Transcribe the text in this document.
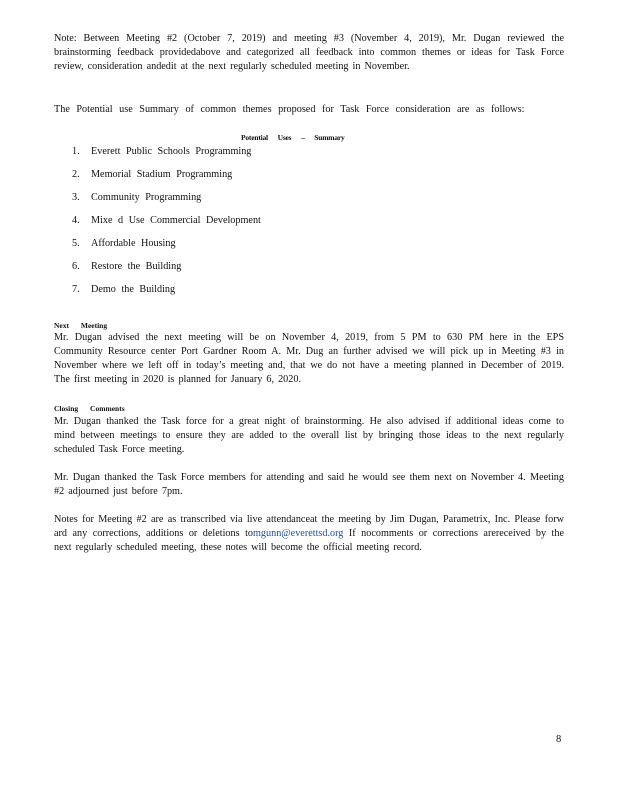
Note: Between Meeting #2 (October 7, 2019) and meeting #3 (November 4, 2019), Mr. Dugan reviewed the brainstorming feedback providedabove and categorized all feedback into common themes or ideas for Task Force review, consideration andedit at the next regularly scheduled meeting in November.

The Potential use Summary of common themes proposed for Task Force consideration are as follows:

Potential Uses – Summary

1. Everett Public Schools Programming
2. Memorial Stadium Programming
3. Community Programming
4. Mixe d Use Commercial Development
5. Affordable Housing
6. Restore the Building
7. Demo the Building

Next Meeting

Mr. Dugan advised the next meeting will be on November 4, 2019, from 5 PM to 630 PM here in the EPS Community Resource center Port Gardner Room A. Mr. Dug an further advised we will pick up in Meeting #3 in November where we left off in today’s meeting and, that we do not have a meeting planned in December of 2019. The first meeting in 2020 is planned for January 6, 2020.

Closing Comments

Mr. Dugan thanked the Task force for a great night of brainstorming. He also advised if additional ideas come to mind between meetings to ensure they are added to the overall list by bringing those ideas to the next regularly scheduled Task Force meeting.

Mr. Dugan thanked the Task Force members for attending and said he would see them next on November 4. Meeting #2 adjourned just before 7pm.

Notes for Meeting #2 are as transcribed via live attendanceat the meeting by Jim Dugan, Parametrix, Inc. Please forw ard any corrections, additions or deletions tomgunn@everettsd.org If nocomments or corrections arereceived by the next regularly scheduled meeting, these notes will become the official meeting record.

8
